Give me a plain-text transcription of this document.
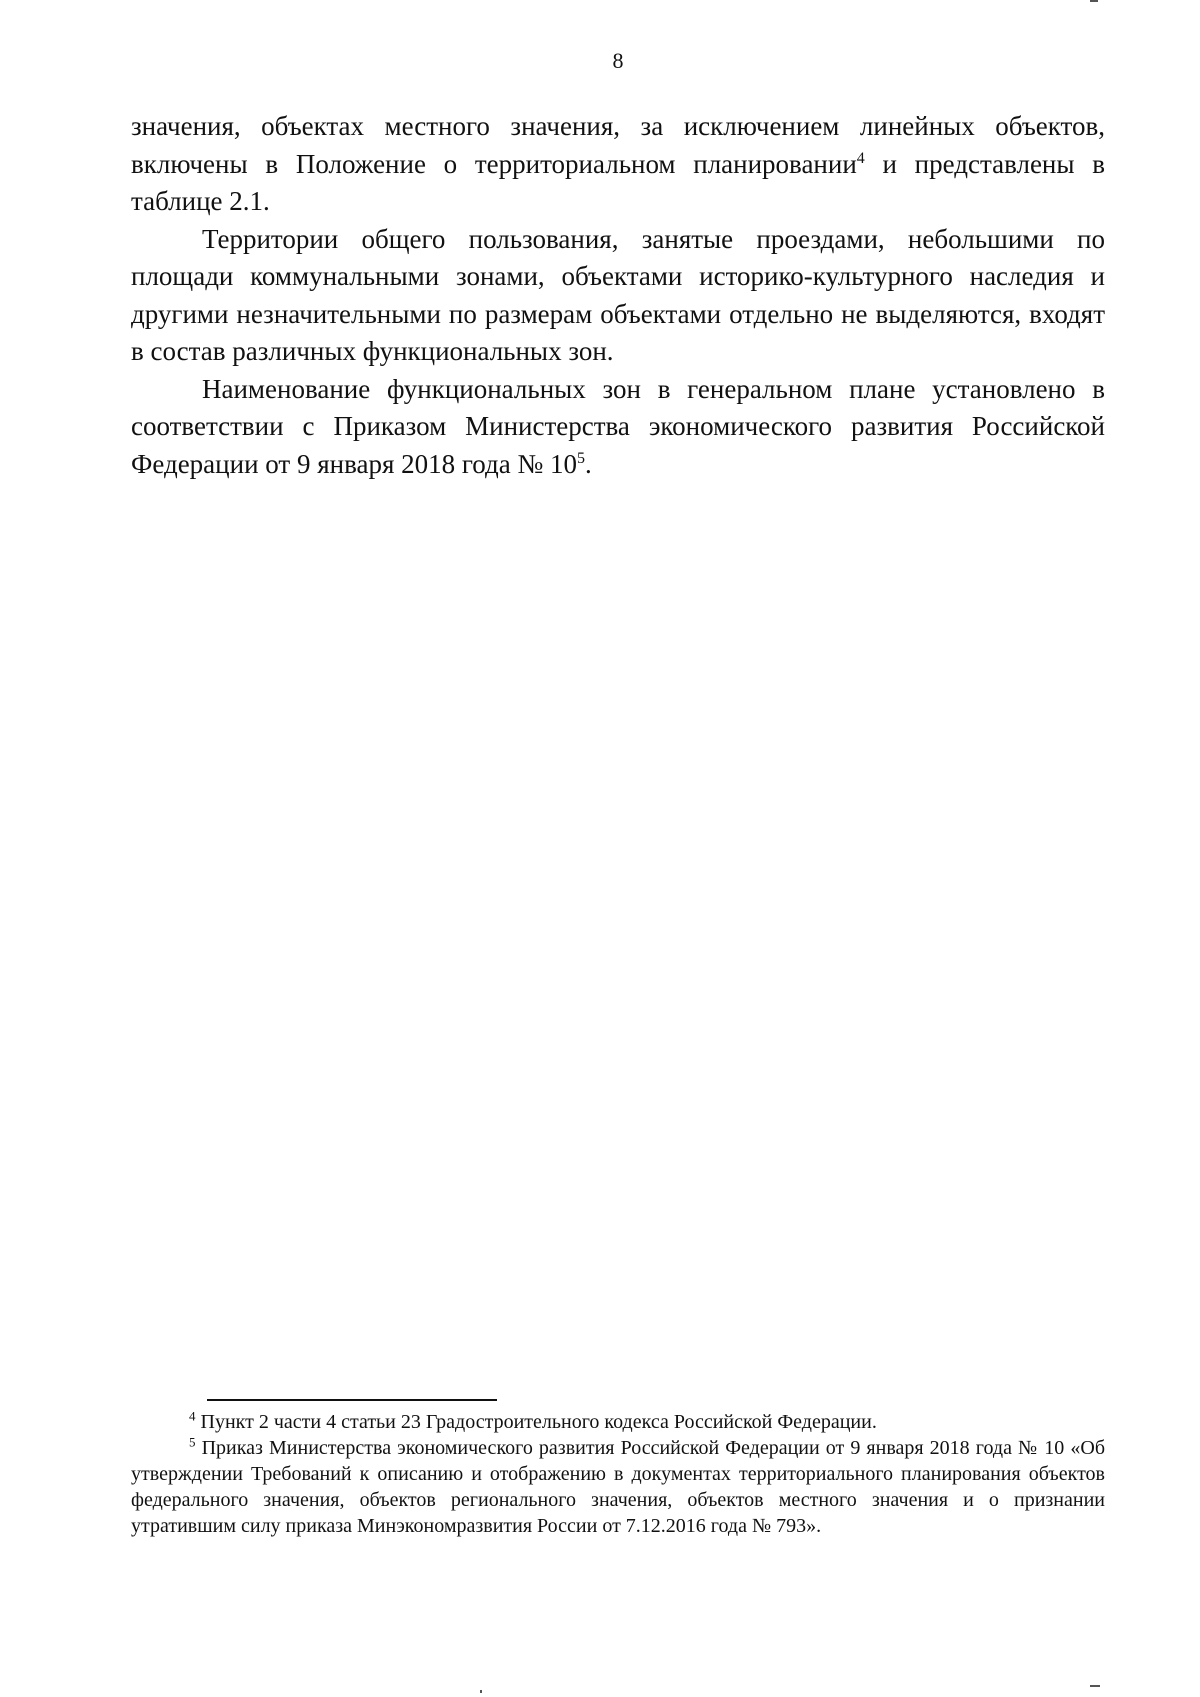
8

значения, объектах местного значения, за исключением линейных объектов, включены в Положение о территориальном планировании$^4$ и представлены в таблице 2.1.

Территории общего пользования, занятые проездами, небольшими по площади коммунальными зонами, объектами историко-культурного наследия и другими незначительными по размерам объектами отдельно не выделяются, входят в состав различных функциональных зон.

Наименование функциональных зон в генеральном плане установлено в соответствии с Приказом Министерства экономического развития Российской Федерации от 9 января 2018 года № $10^5$.

$^4$ Пункт 2 части 4 статьи 23 Градостроительного кодекса Российской Федерации.

$^5$ Приказ Министерства экономического развития Российской Федерации от 9 января 2018 года № 10 «Об утверждении Требований к описанию и отображению в документах территориального планирования объектов федерального значения, объектов регионального значения, объектов местного значения и о признании утратившим силу приказа Минэкономразвития России от 7.12.2016 года № 793».
